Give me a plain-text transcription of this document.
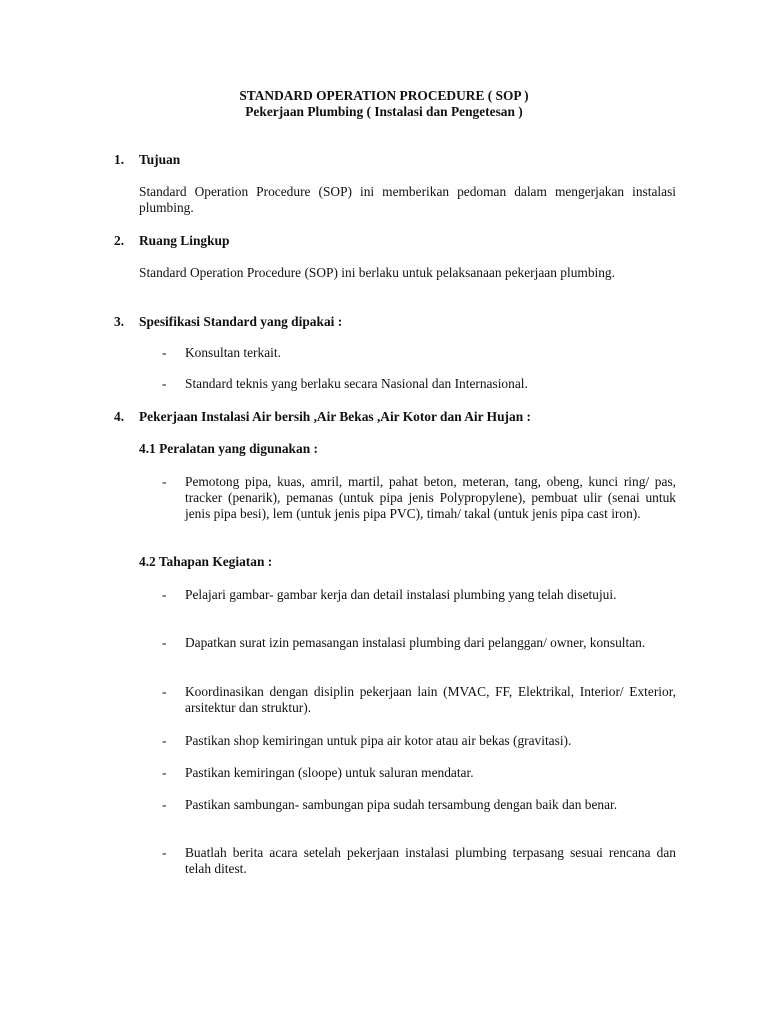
STANDARD OPERATION PROCEDURE ( SOP )
Pekerjaan Plumbing ( Instalasi dan Pengetesan )
1. Tujuan
Standard Operation Procedure (SOP) ini memberikan pedoman dalam mengerjakan instalasi plumbing.
2. Ruang Lingkup
Standard Operation Procedure (SOP) ini berlaku untuk pelaksanaan pekerjaan plumbing.
3. Spesifikasi Standard yang dipakai :
- Konsultan terkait.
- Standard teknis yang berlaku secara Nasional dan Internasional.
4. Pekerjaan Instalasi Air bersih ,Air Bekas ,Air Kotor dan Air Hujan :
4.1 Peralatan yang digunakan :
- Pemotong pipa, kuas, amril, martil, pahat beton, meteran, tang, obeng, kunci ring/ pas, tracker (penarik), pemanas (untuk pipa jenis Polypropylene), pembuat ulir (senai untuk jenis pipa besi), lem (untuk jenis pipa PVC), timah/ takal (untuk jenis pipa cast iron).
4.2 Tahapan Kegiatan :
- Pelajari gambar- gambar kerja dan detail instalasi plumbing yang telah disetujui.
- Dapatkan surat izin pemasangan instalasi plumbing dari pelanggan/ owner, konsultan.
- Koordinasikan dengan disiplin pekerjaan lain (MVAC, FF, Elektrikal, Interior/ Exterior, arsitektur dan struktur).
- Pastikan shop kemiringan untuk pipa air kotor atau air bekas (gravitasi).
- Pastikan kemiringan (sloope) untuk saluran mendatar.
- Pastikan sambungan- sambungan pipa sudah tersambung dengan baik dan benar.
- Buatlah berita acara setelah pekerjaan instalasi plumbing terpasang sesuai rencana dan telah ditest.
